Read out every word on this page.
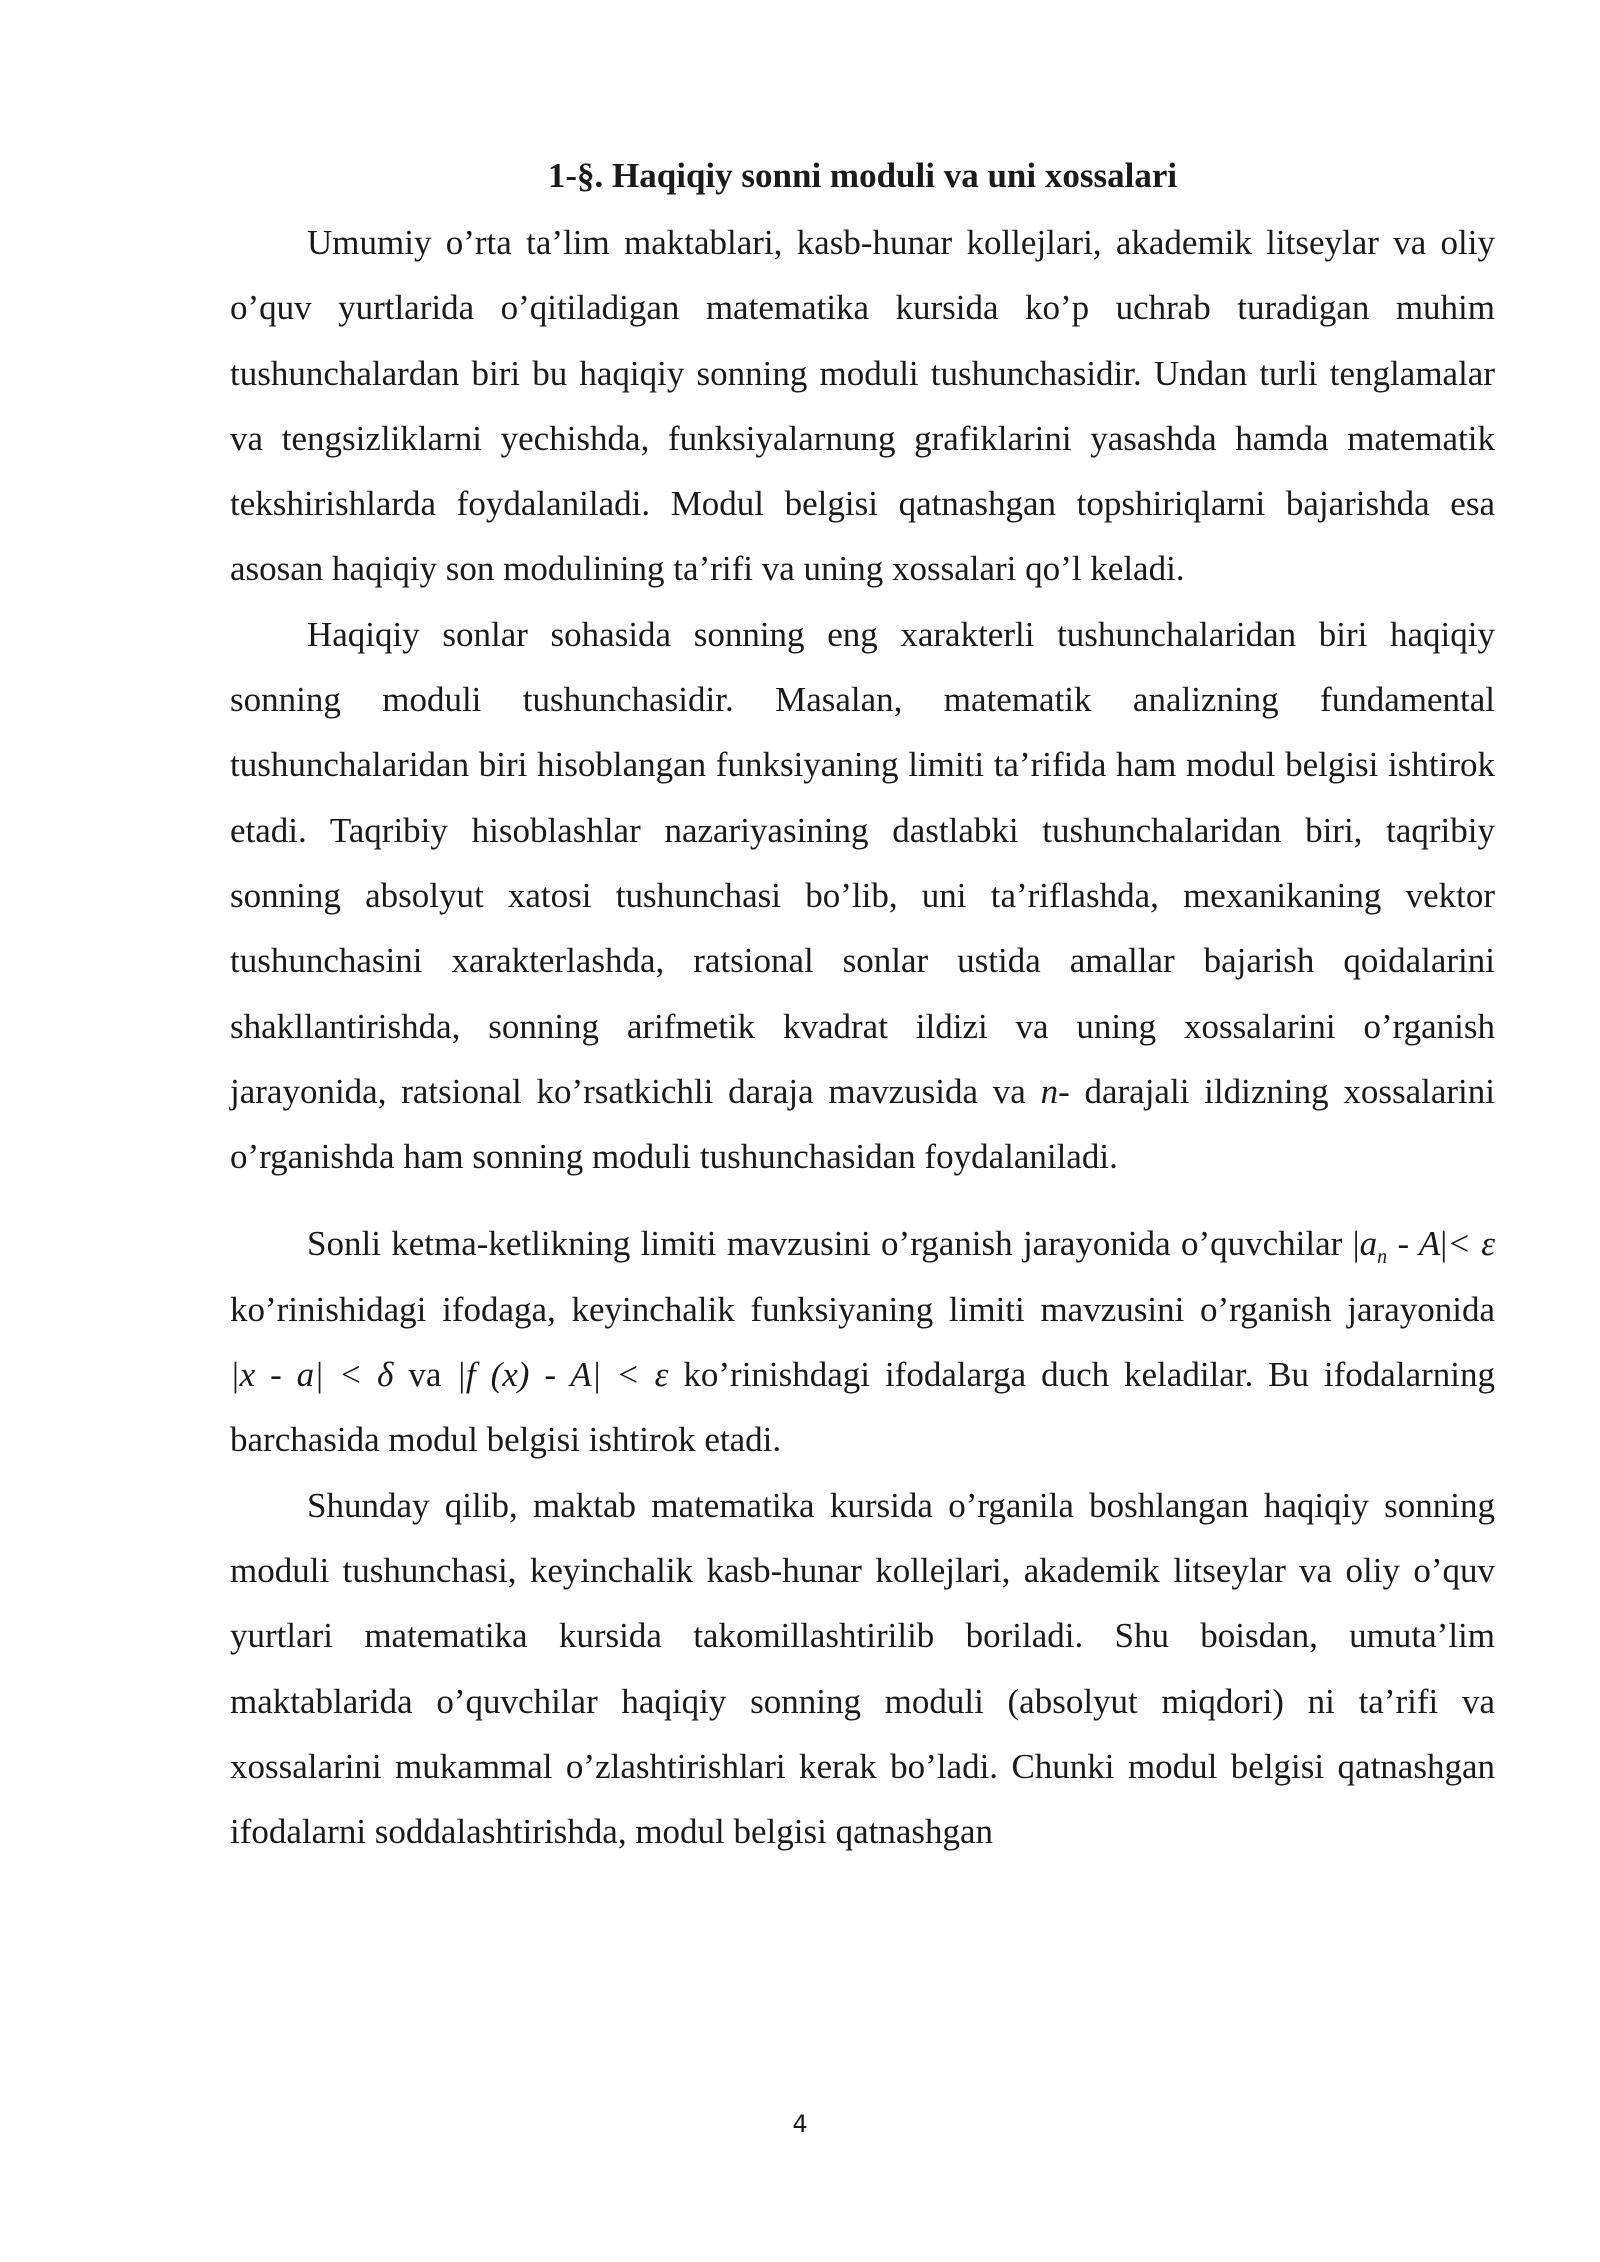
1-§. Haqiqiy sonni moduli va uni xossalari

Umumiy o’rta ta’lim maktablari, kasb-hunar kollejlari, akademik litseylar va oliy o’quv yurtlarida o’qitiladigan matematika kursida ko’p uchrab turadigan muhim tushunchalardan biri bu haqiqiy sonning moduli tushunchasidir. Undan turli tenglamalar va tengsizliklarni yechishda, funksiyalarnung grafiklarini yasashda hamda matematik tekshirishlarda foydalaniladi. Modul belgisi qatnashgan topshiriqlarni bajarishda esa asosan haqiqiy son modulining ta’rifi va uning xossalari qo’l keladi.

Haqiqiy sonlar sohasida sonning eng xarakterli tushunchalaridan biri haqiqiy sonning moduli tushunchasidir. Masalan, matematik analizning fundamental tushunchalaridan biri hisoblangan funksiyaning limiti ta’rifida ham modul belgisi ishtirok etadi. Taqribiy hisoblashlar nazariyasining dastlabki tushunchalaridan biri, taqribiy sonning absolyut xatosi tushunchasi bo’lib, uni ta’riflashda, mexanikaning vektor tushunchasini xarakterlashda, ratsional sonlar ustida amallar bajarish qoidalarini shakllantirishda, sonning arifmetik kvadrat ildizi va uning xossalarini o’rganish jarayonida, ratsional ko’rsatkichli daraja mavzusida va n- darajali ildizning xossalarini o’rganishda ham sonning moduli tushunchasidan foydalaniladi.

Sonli ketma-ketlikning limiti mavzusini o’rganish jarayonida o’quvchilar $|a_n - A|< \varepsilon$ ko’rinishidagi ifodaga, keyinchalik funksiyaning limiti mavzusini o’rganish jarayonida |x - a| < δ va |f (x) - A| < ε ko’rinishdagi ifodalarga duch keladilar. Bu ifodalarning barchasida modul belgisi ishtirok etadi.

Shunday qilib, maktab matematika kursida o’rganila boshlangan haqiqiy sonning moduli tushunchasi, keyinchalik kasb-hunar kollejlari, akademik litseylar va oliy o’quv yurtlari matematika kursida takomillashtirilib boriladi. Shu boisdan, umuta’lim maktablarida o’quvchilar haqiqiy sonning moduli (absolyut miqdori) ni ta’rifi va xossalarini mukammal o’zlashtirishlari kerak bo’ladi. Chunki modul belgisi qatnashgan ifodalarni soddalashtirishda, modul belgisi qatnashgan

4
